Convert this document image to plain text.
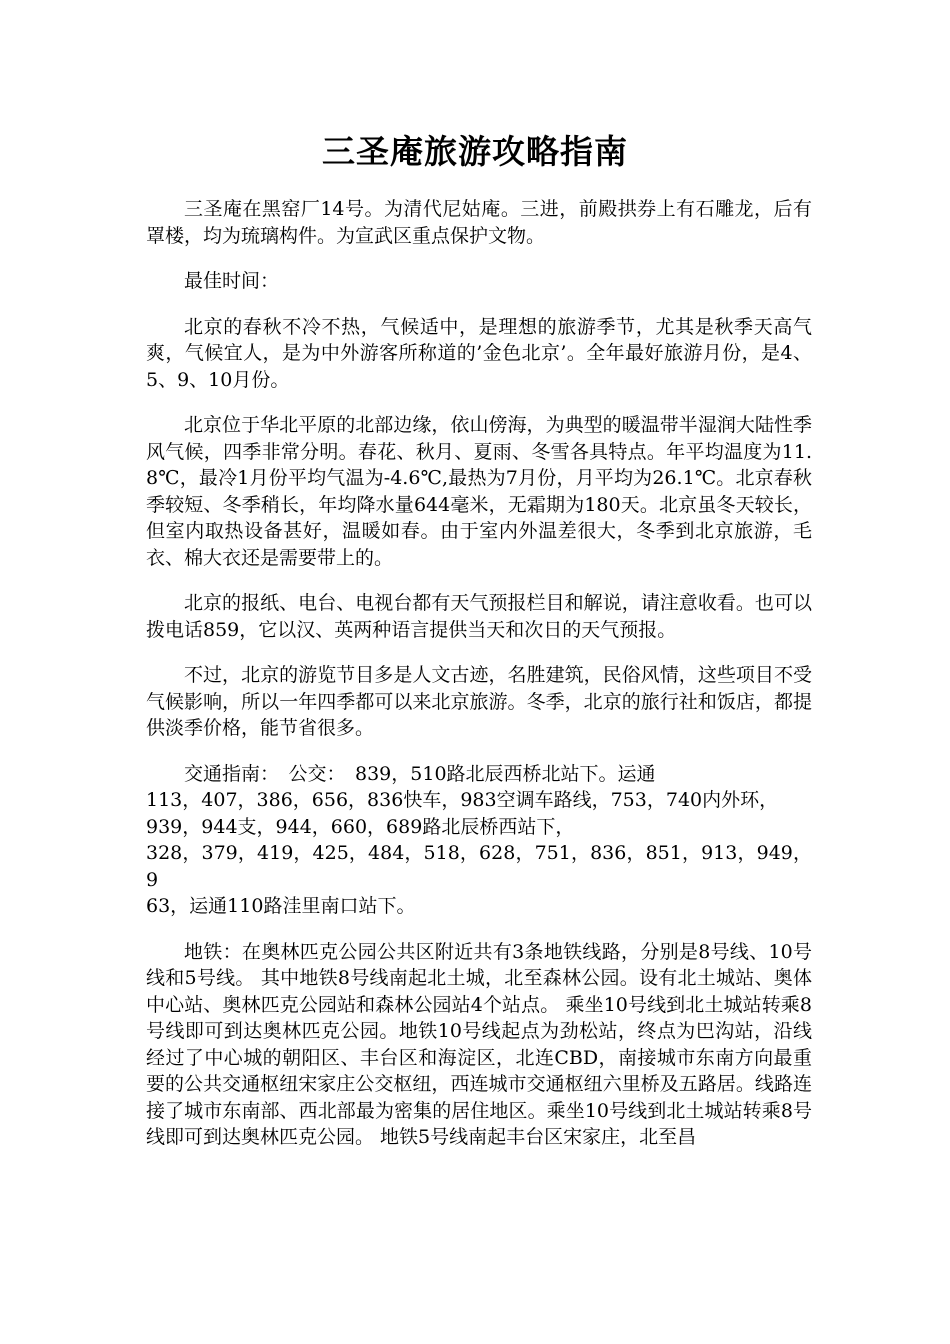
三圣庵旅游攻略指南

三圣庵在黑窑厂14号。为清代尼姑庵。三进，前殿拱券上有石雕龙，后有罩楼，均为琉璃构件。为宣武区重点保护文物。

最佳时间：

北京的春秋不冷不热，气候适中，是理想的旅游季节，尤其是秋季天高气爽，气候宜人，是为中外游客所称道的’金色北京’。全年最好旅游月份，是4、5、9、10月份。

北京位于华北平原的北部边缘，依山傍海，为典型的暖温带半湿润大陆性季风气候，四季非常分明。春花、秋月、夏雨、冬雪各具特点。年平均温度为11.8℃，最冷1月份平均气温为-4.6℃,最热为7月份，月平均为26.1℃。北京春秋季较短、冬季稍长，年均降水量644毫米，无霜期为180天。北京虽冬天较长，但室内取热设备甚好，温暖如春。由于室内外温差很大，冬季到北京旅游，毛衣、棉大衣还是需要带上的。

北京的报纸、电台、电视台都有天气预报栏目和解说，请注意收看。也可以拨电话859，它以汉、英两种语言提供当天和次日的天气预报。

不过，北京的游览节目多是人文古迹，名胜建筑，民俗风情，这些项目不受气候影响，所以一年四季都可以来北京旅游。冬季，北京的旅行社和饭店，都提供淡季价格，能节省很多。

交通指南：　公交：　839，510路北辰西桥北站下。运通
113，407，386，656，836快车，983空调车路线，753，740内外环，
939，944支，944，660，689路北辰桥西站下，
328，379，419，425，484，518，628，751，836，851，913，949，9
63，运通110路洼里南口站下。

地铁：在奥林匹克公园公共区附近共有3条地铁线路，分别是8号线、10号线和5号线。 其中地铁8号线南起北土城，北至森林公园。设有北土城站、奥体中心站、奥林匹克公园站和森林公园站4个站点。 乘坐10号线到北土城站转乘8号线即可到达奥林匹克公园。地铁10号线起点为劲松站，终点为巴沟站，沿线经过了中心城的朝阳区、丰台区和海淀区，北连CBD，南接城市东南方向最重要的公共交通枢纽宋家庄公交枢纽，西连城市交通枢纽六里桥及五路居。线路连接了城市东南部、西北部最为密集的居住地区。乘坐10号线到北土城站转乘8号线即可到达奥林匹克公园。 地铁5号线南起丰台区宋家庄，北至昌
